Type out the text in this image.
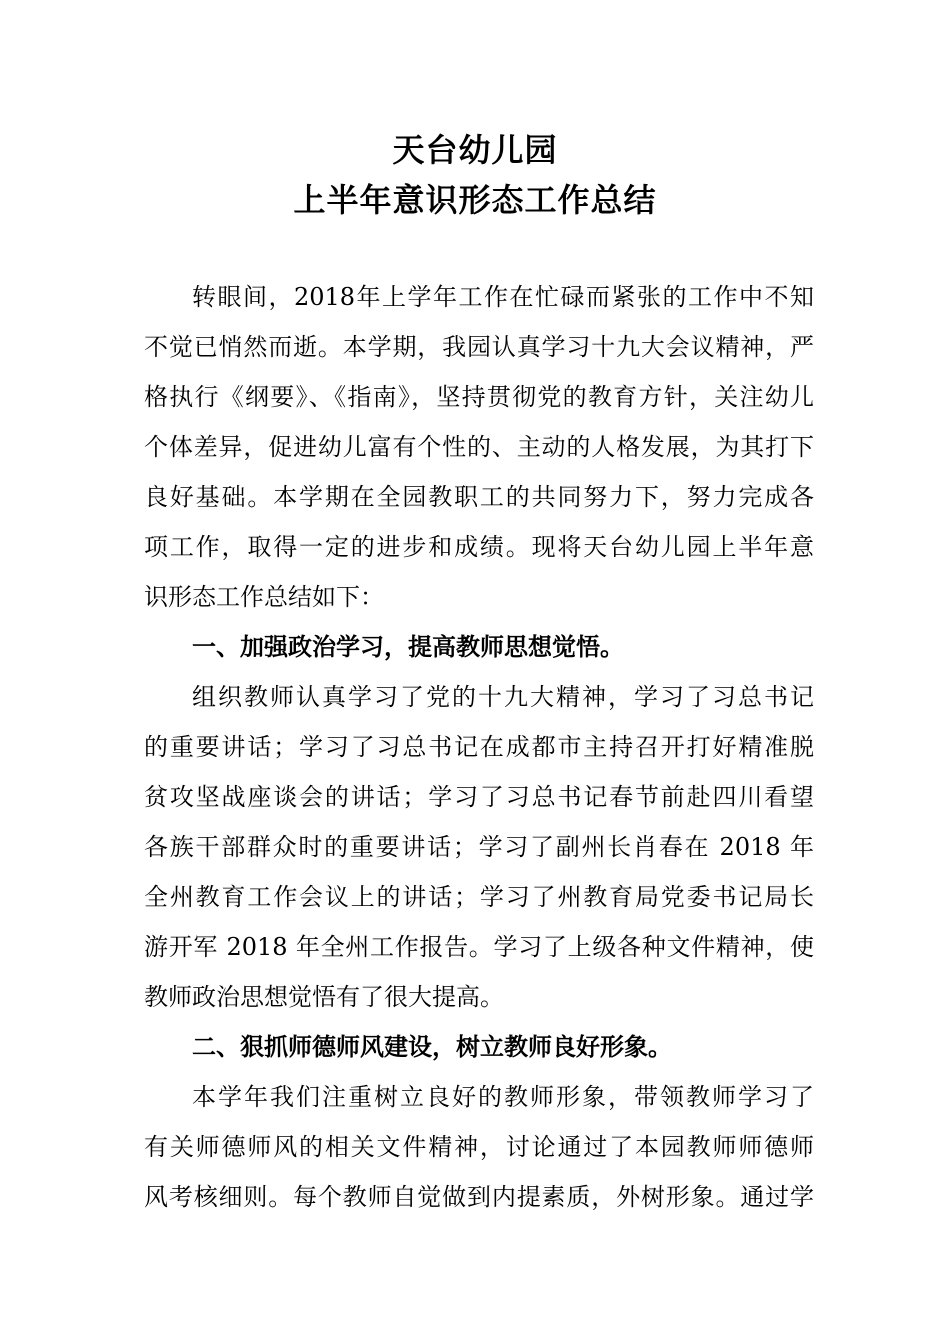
天台幼儿园
上半年意识形态工作总结
转眼间，2018年上学年工作在忙碌而紧张的工作中不知
不觉已悄然而逝。本学期，我园认真学习十九大会议精神，严
格执行《纲要》、《指南》，坚持贯彻党的教育方针，关注幼儿
个体差异，促进幼儿富有个性的、主动的人格发展，为其打下
良好基础。本学期在全园教职工的共同努力下，努力完成各
项工作，取得一定的进步和成绩。现将天台幼儿园上半年意
识形态工作总结如下：
一、加强政治学习，提高教师思想觉悟。
组织教师认真学习了党的十九大精神，学习了习总书记
的重要讲话；学习了习总书记在成都市主持召开打好精准脱
贫攻坚战座谈会的讲话；学习了习总书记春节前赴四川看望
各族干部群众时的重要讲话；学习了副州长肖春在 2018 年
全州教育工作会议上的讲话；学习了州教育局党委书记局长
游开军 2018 年全州工作报告。学习了上级各种文件精神，使
教师政治思想觉悟有了很大提高。
二、狠抓师德师风建设，树立教师良好形象。
本学年我们注重树立良好的教师形象，带领教师学习了
有关师德师风的相关文件精神，讨论通过了本园教师师德师
风考核细则。每个教师自觉做到内提素质，外树形象。通过学
